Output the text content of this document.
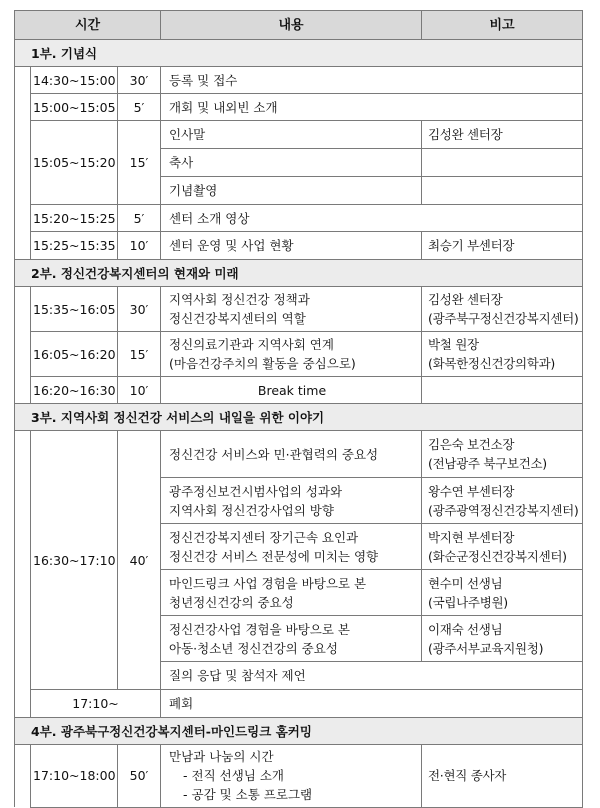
시간			내용	비고
1부. 기념식				
	14:30~15:00	30′	등록 및 접수	
	15:00~15:05	5′	개회 및 내외빈 소개	
	15:05~15:20	15′	인사말	김성완 센터장
			축사	
			기념촬영	
	15:20~15:25	5′	센터 소개 영상	
	15:25~15:35	10′	센터 운영 및 사업 현황	최승기 부센터장
2부. 정신건강복지센터의 현재와 미래				
	15:35~16:05	30′	지역사회 정신건강 정책과
정신건강복지센터의 역할	김성완 센터장
(광주북구정신건강복지센터)

	16:05~16:20	15′	정신의료기관과 지역사회 연계
(마음건강주치의 활동을 중심으로)	박철 원장
(화목한정신건강의학과)

	16:20~16:30	10′	Break time	
3부. 지역사회 정신건강 서비스의 내일을 위한 이야기				
	16:30~17:10	40′	정신건강 서비스와 민·관협력의 중요성	김은숙 보건소장
(전남광주 북구보건소)

			광주정신보건시범사업의 성과와
지역사회 정신건강사업의 방향	왕수연 부센터장
(광주광역정신건강복지센터)

			정신건강복지센터 장기근속 요인과
정신건강 서비스 전문성에 미치는 영향	박지현 부센터장
(화순군정신건강복지센터)

			마인드링크 사업 경험을 바탕으로 본
청년정신건강의 중요성	현수미 선생님
(국립나주병원)

			정신건강사업 경험을 바탕으로 본
아동·청소년 정신건강의 중요성	이재숙 선생님
(광주서부교육지원청)

			질의 응답 및 참석자 제언	

	17:10~		폐회	
4부. 광주북구정신건강복지센터-마인드링크 홈커밍				
	17:10~18:00	50′	만남과 나눔의 시간
- 전직 선생님 소개
- 공감 및 소통 프로그램	전·현직 종사자
